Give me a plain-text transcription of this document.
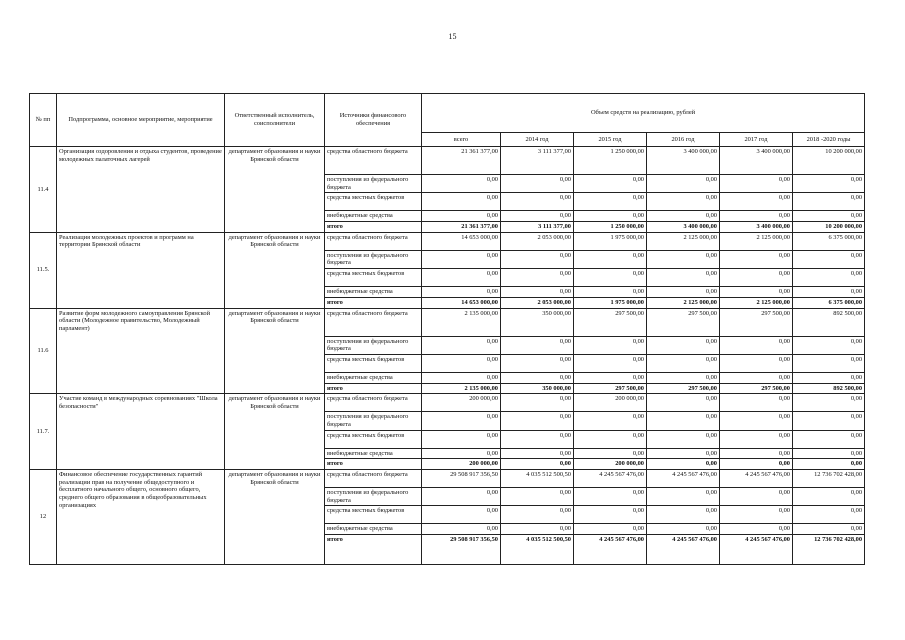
15
№ пп	Подпрограмма, основное мероприятие, мероприятие	Ответственный исполнитель, соисполнители	Источники финансового обеспечения	Объем средств на реализацию, рублей					
				всего	2014 год	2015 год	2016 год	2017 год	2018 -2020 годы
11.4	Организация оздоровления и отдыха студентов, проведение молодежных палаточных лагерей	департамент образования и науки Брянской области	средства областного бюджета	21 361 377,00	3 111 377,00	1 250 000,00	3 400 000,00	3 400 000,00	10 200 000,00
			поступления из федерального бюджета	0,00	0,00	0,00	0,00	0,00	0,00
			средства местных бюджетов	0,00	0,00	0,00	0,00	0,00	0,00
			внебюджетные средства	0,00	0,00	0,00	0,00	0,00	0,00
			итого	21 361 377,00	3 111 377,00	1 250 000,00	3 400 000,00	3 400 000,00	10 200 000,00
11.5.	Реализация молодежных проектов и программ на территории Брянской области	департамент образования и науки Брянской области	средства областного бюджета	14 653 000,00	2 053 000,00	1 975 000,00	2 125 000,00	2 125 000,00	6 375 000,00
			поступления из федерального бюджета	0,00	0,00	0,00	0,00	0,00	0,00
			средства местных бюджетов	0,00	0,00	0,00	0,00	0,00	0,00
			внебюджетные средства	0,00	0,00	0,00	0,00	0,00	0,00
			итого	14 653 000,00	2 053 000,00	1 975 000,00	2 125 000,00	2 125 000,00	6 375 000,00
11.6	Развитие форм молодежного самоуправления Брянской области (Молодежное правительство, Молодежный парламент)	департамент образования и науки Брянской области	средства областного бюджета	2 135 000,00	350 000,00	297 500,00	297 500,00	297 500,00	892 500,00
			поступления из федерального бюджета	0,00	0,00	0,00	0,00	0,00	0,00
			средства местных бюджетов	0,00	0,00	0,00	0,00	0,00	0,00
			внебюджетные средства	0,00	0,00	0,00	0,00	0,00	0,00
			итого	2 135 000,00	350 000,00	297 500,00	297 500,00	297 500,00	892 500,00
11.7.	Участие команд в международных соревнованиях "Школа безопасности"	департамент образования и науки Брянской области	средства областного бюджета	200 000,00	0,00	200 000,00	0,00	0,00	0,00
			поступления из федерального бюджета	0,00	0,00	0,00	0,00	0,00	0,00
			средства местных бюджетов	0,00	0,00	0,00	0,00	0,00	0,00
			внебюджетные средства	0,00	0,00	0,00	0,00	0,00	0,00
			итого	200 000,00	0,00	200 000,00	0,00	0,00	0,00
12	Финансовое обеспечение государственных гарантий реализации прав на получение общедоступного и бесплатного начального общего, основного общего, среднего общего образования в общеобразовательных организациях	департамент образования и науки Брянской области	средства областного бюджета	29 508 917 356,50	4 035 512 500,50	4 245 567 476,00	4 245 567 476,00	4 245 567 476,00	12 736 702 428,00
			поступления из федерального бюджета	0,00	0,00	0,00	0,00	0,00	0,00
			средства местных бюджетов	0,00	0,00	0,00	0,00	0,00	0,00
			внебюджетные средства	0,00	0,00	0,00	0,00	0,00	0,00
			итого	29 508 917 356,50	4 035 512 500,50	4 245 567 476,00	4 245 567 476,00	4 245 567 476,00	12 736 702 428,00
